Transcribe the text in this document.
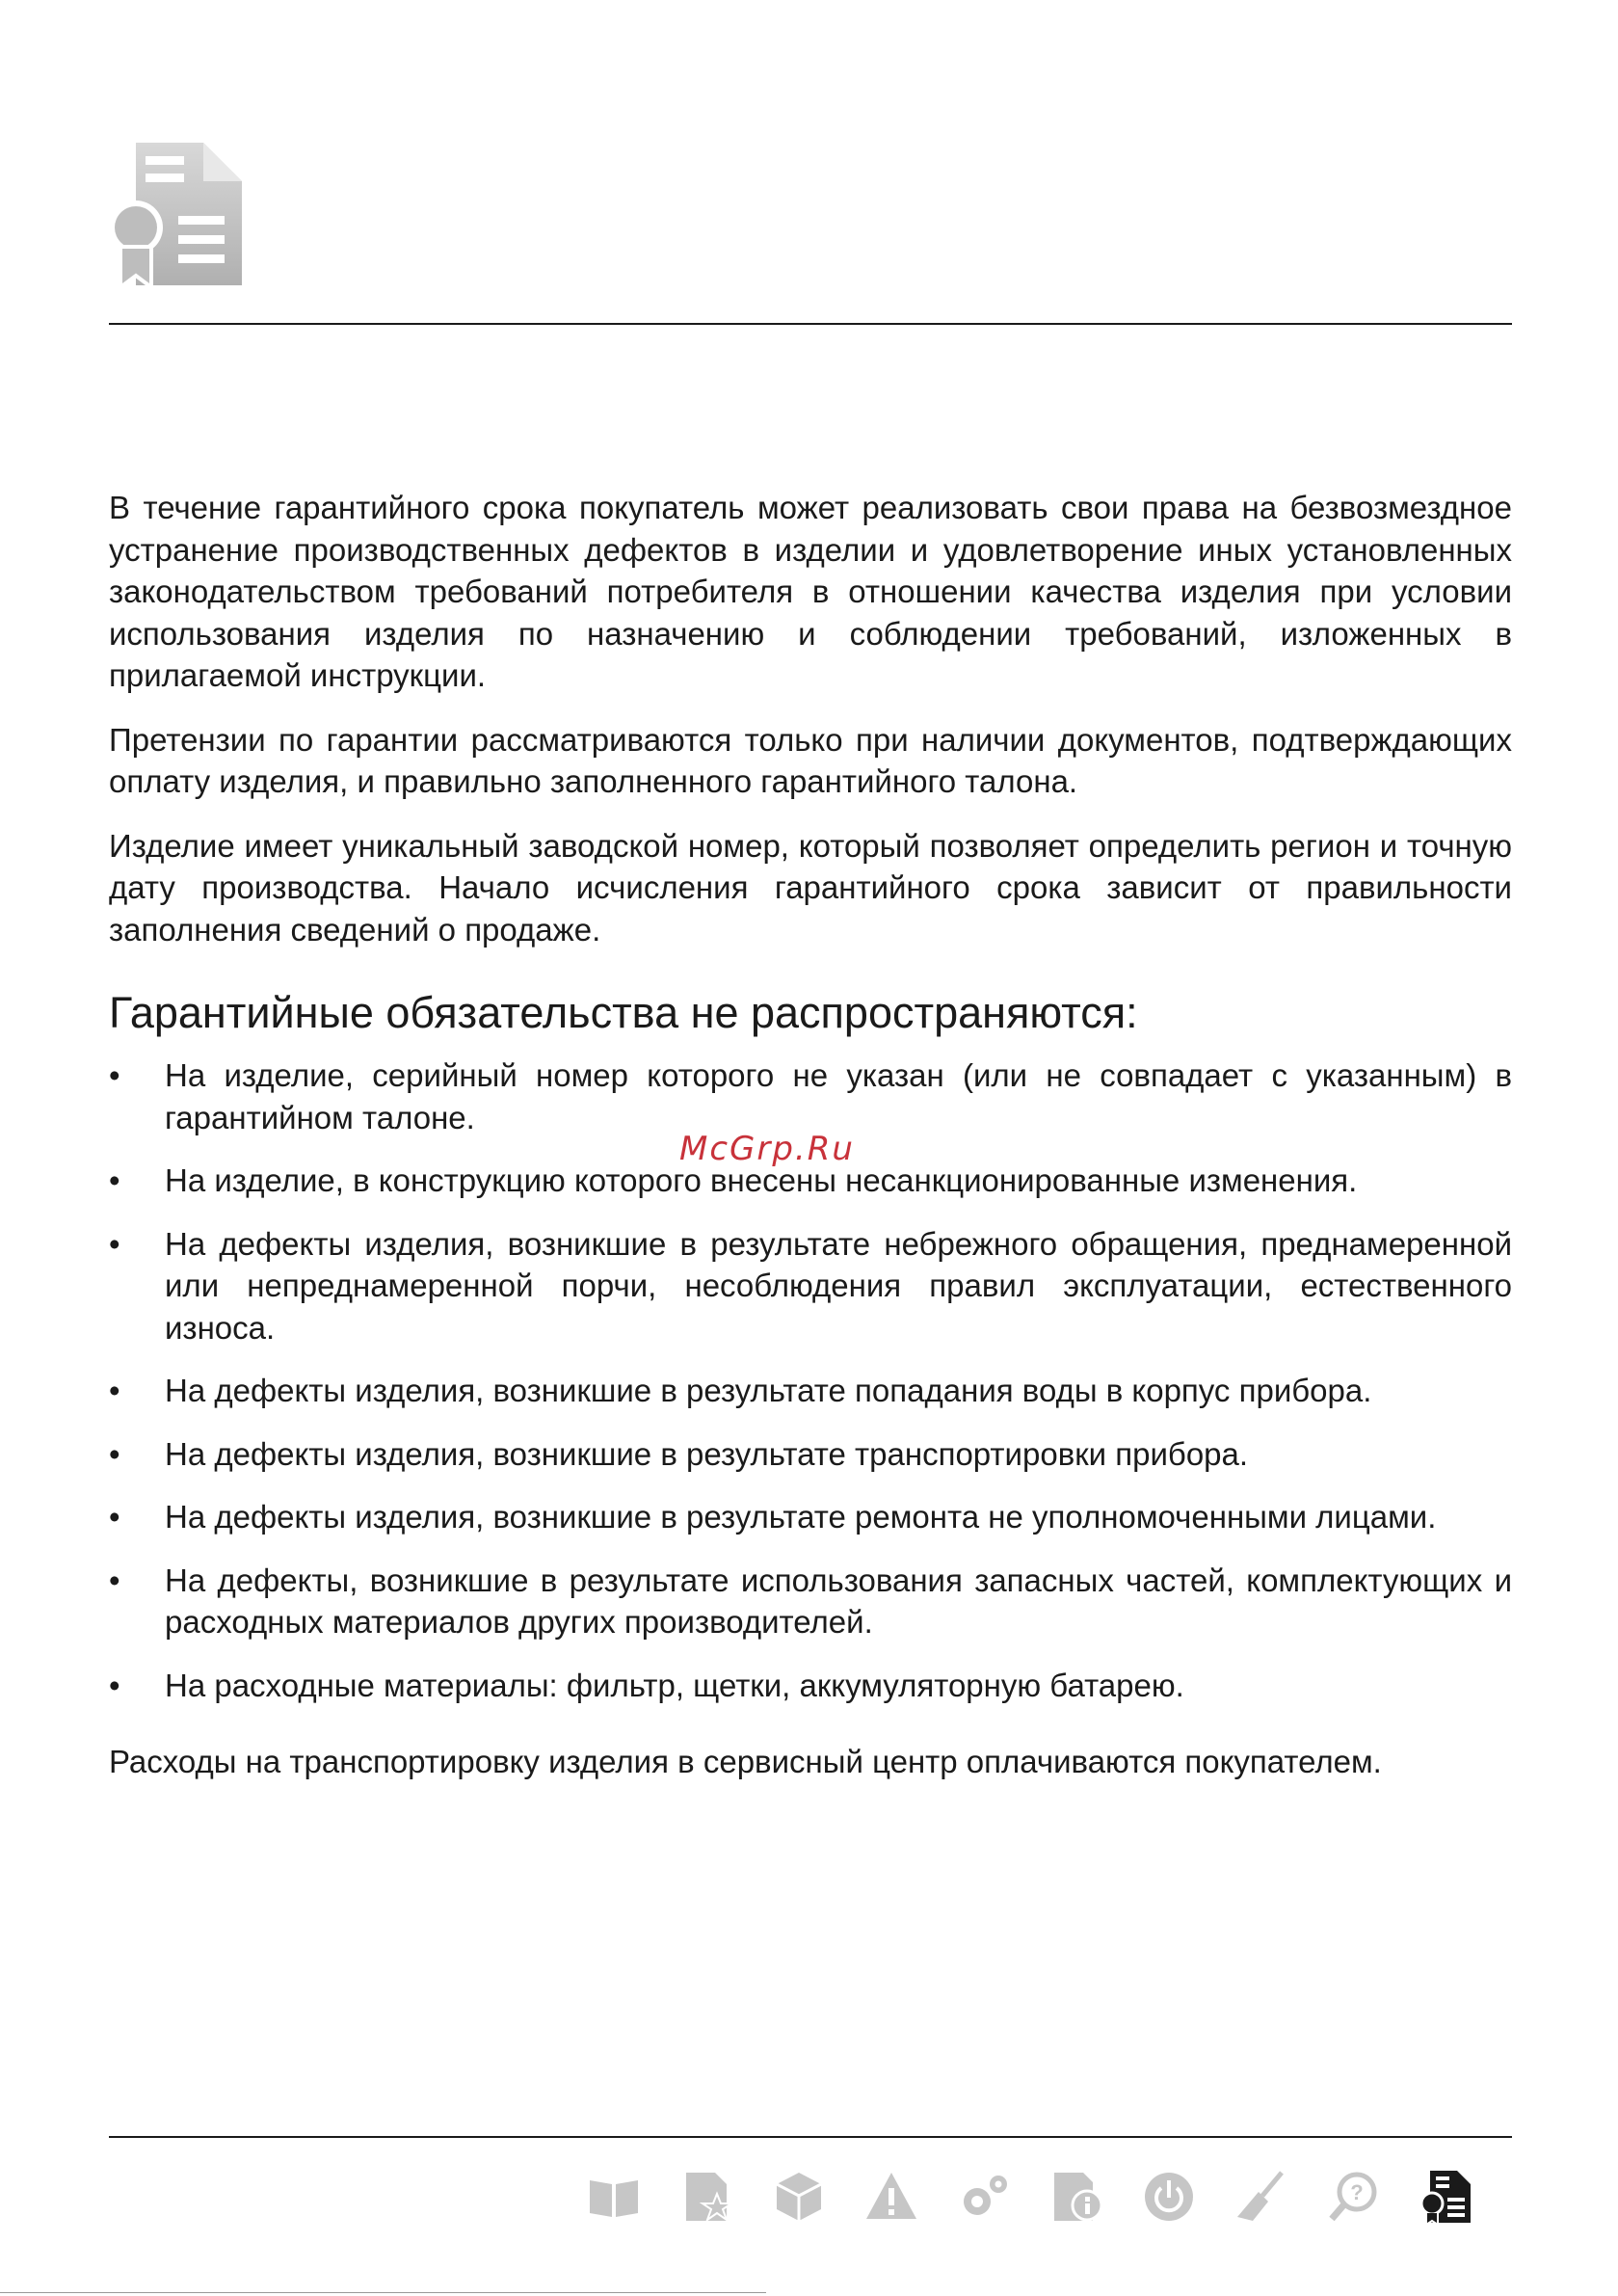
В течение гарантийного срока покупатель может реализовать свои права на безвозмездное устранение производственных дефектов в изделии и удовлетворение иных установленных законодательством требований потребителя в отношении качества изделия при условии использования изделия по назначению и соблюдении требований, изложенных в прилагаемой инструкции.

Претензии по гарантии рассматриваются только при наличии документов, подтверждающих оплату изделия, и правильно заполненного гарантийного талона.

Изделие имеет уникальный заводской номер, который позволяет определить регион и точную дату производства. Начало исчисления гарантийного срока зависит от правильности заполнения сведений о продаже.

Гарантийные обязательства не распространяются:
• На изделие, серийный номер которого не указан (или не совпадает с указанным) в гарантийном талоне.
• На изделие, в конструкцию которого внесены несанкционированные изменения.
• На дефекты изделия, возникшие в результате небрежного обращения, преднамеренной или непреднамеренной порчи, несоблюдения правил эксплуатации, естественного износа.
• На дефекты изделия, возникшие в результате попадания воды в корпус прибора.
• На дефекты изделия, возникшие в результате транспортировки прибора.
• На дефекты изделия, возникшие в результате ремонта не уполномоченными лицами.
• На дефекты, возникшие в результате использования запасных частей, комплектующих и расходных материалов других производителей.
• На расходные материалы: фильтр, щетки, аккумуляторную батарею.

Расходы на транспортировку изделия в сервисный центр оплачиваются покупателем.

McGrp.Ru
?
